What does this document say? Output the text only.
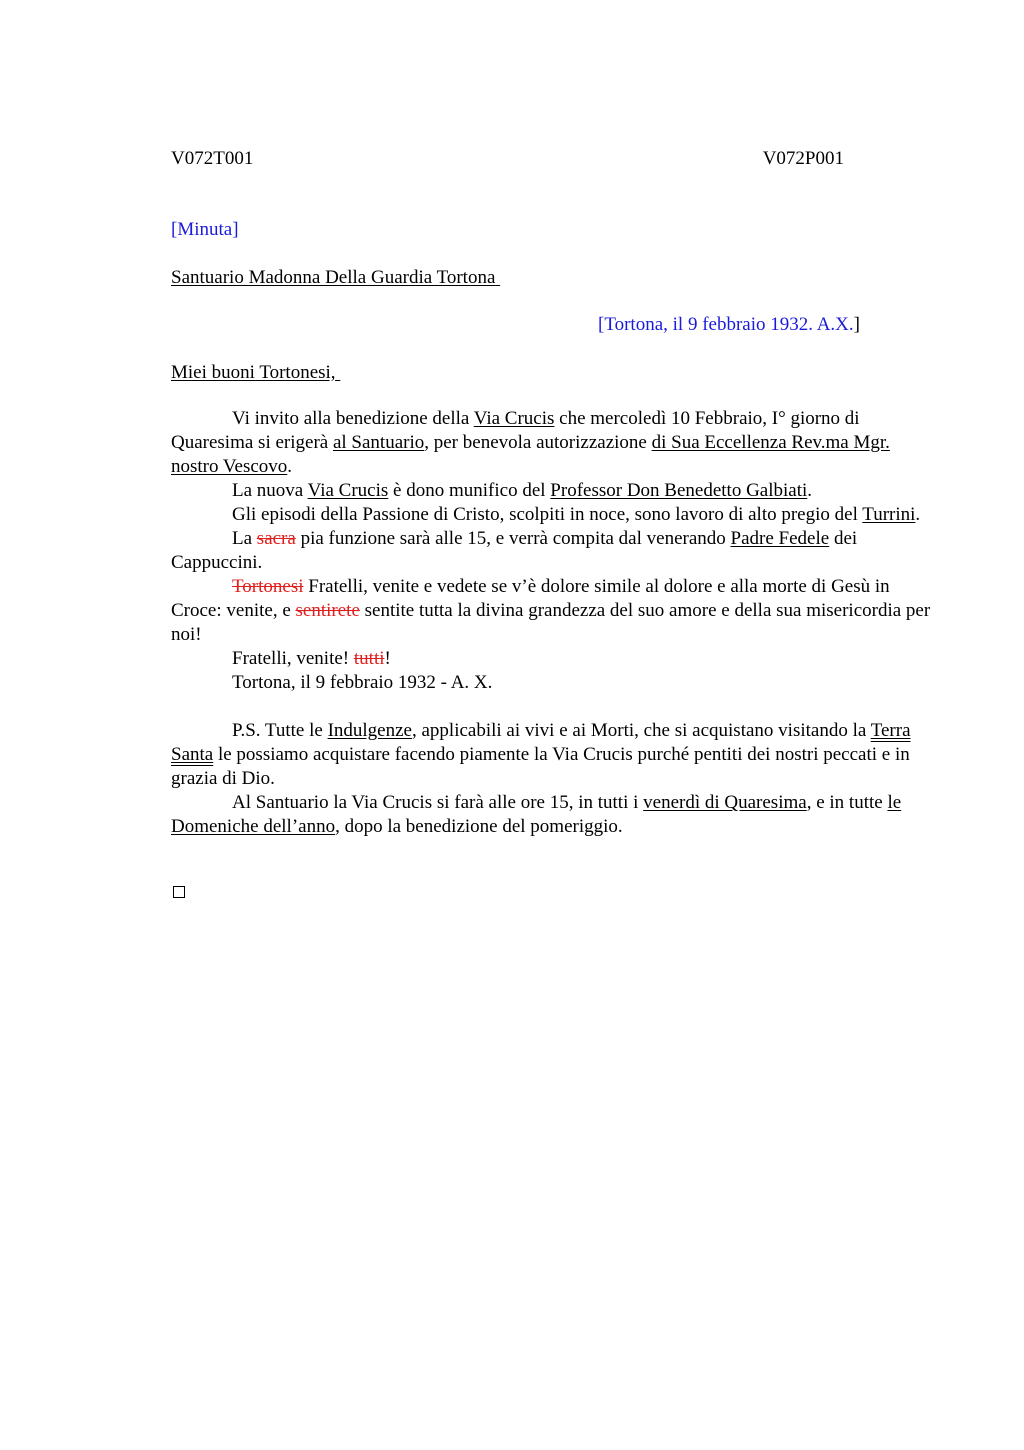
V072T001	V072P001
[Minuta]
Santuario Madonna Della Guardia Tortona
[Tortona, il 9 febbraio 1932. A.X.]
Miei buoni Tortonesi,

Vi invito alla benedizione della Via Crucis che mercoledì 10 Febbraio, I° giorno di Quaresima si erigerà al Santuario, per benevola autorizzazione di Sua Eccellenza Rev.ma Mgr. nostro Vescovo.

La nuova Via Crucis è dono munifico del Professor Don Benedetto Galbiati.

Gli episodi della Passione di Cristo, scolpiti in noce, sono lavoro di alto pregio del Turrini.

La sacra pia funzione sarà alle 15, e verrà compita dal venerando Padre Fedele dei Cappuccini.

Tortonesi Fratelli, venite e vedete se v’è dolore simile al dolore e alla morte di Gesù in Croce: venite, e sentirete sentite tutta la divina grandezza del suo amore e della sua misericordia per noi!

Fratelli, venite! tutti!

Tortona, il 9 febbraio 1932 - A. X.

P.S. Tutte le Indulgenze, applicabili ai vivi e ai Morti, che si acquistano visitando la Terra Santa le possiamo acquistare facendo piamente la Via Crucis purché pentiti dei nostri peccati e in grazia di Dio.

Al Santuario la Via Crucis si farà alle ore 15, in tutti i venerdì di Quaresima, e in tutte le Domeniche dell’anno, dopo la benedizione del pomeriggio.
